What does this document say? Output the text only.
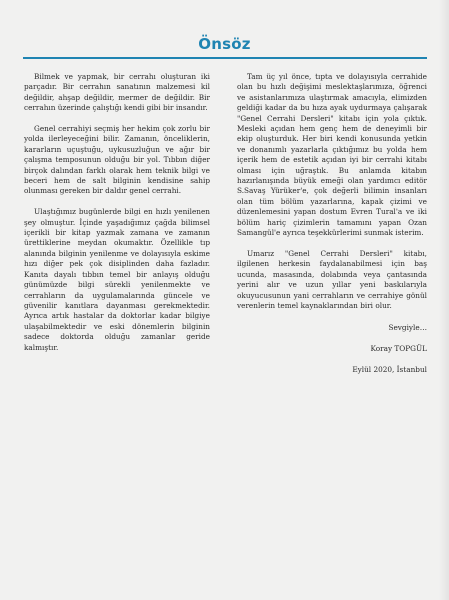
Önsöz

Bilmek ve yapmak, bir cerrahı oluşturan iki parçadır. Bir cerrahın sanatının malzemesi kil değildir, ahşap değildir, mermer de değildir. Bir cerrahın üzerinde çalıştığı kendi gibi bir insandır.

Genel cerrahiyi seçmiş her hekim çok zorlu bir yolda ilerleyeceğini bilir. Zamanın, önceliklerin, kararların uçuştuğu, uykusuzluğun ve ağır bir çalışma temposunun olduğu bir yol. Tıbbın diğer birçok dalından farklı olarak hem teknik bilgi ve beceri hem de salt bilginin kendisine sahip olunması gereken bir daldır genel cerrahi.

Ulaştığımız bugünlerde bilgi en hızlı yenilenen şey olmuştur. İçinde yaşadığımız çağda bilimsel içerikli bir kitap yazmak zamana ve zamanın ürettiklerine meydan okumaktır. Özellikle tıp alanında bilginin yenilenme ve dolayısıyla eskime hızı diğer pek çok disiplinden daha fazladır. Kanıta dayalı tıbbın temel bir anlayış olduğu günümüzde bilgi sürekli yenilenmekte ve cerrahların da uygulamalarında güncele ve güvenilir kanıtlara dayanması gerekmektedir. Ayrıca artık hastalar da doktorlar kadar bilgiye ulaşabilmektedir ve eski dönemlerin bilginin sadece doktorda olduğu zamanlar geride kalmıştır.

Tam üç yıl önce, tıpta ve dolayısıyla cerrahide olan bu hızlı değişimi meslektaşlarımıza, öğrenci ve asistanlarımıza ulaştırmak amacıyla, elimizden geldiği kadar da bu hıza ayak uydurmaya çalışarak "Genel Cerrahi Dersleri" kitabı için yola çıktık. Mesleki açıdan hem genç hem de deneyimli bir ekip oluşturduk. Her biri kendi konusunda yetkin ve donanımlı yazarlarla çıktığımız bu yolda hem içerik hem de estetik açıdan iyi bir cerrahi kitabı olması için uğraştık. Bu anlamda kitabın hazırlanışında büyük emeği olan yardımcı editör S.Savaş Yürüker'e, çok değerli bilimin insanları olan tüm bölüm yazarlarına, kapak çizimi ve düzenlemesini yapan dostum Evren Tural'a ve iki bölüm hariç çizimlerin tamamını yapan Ozan Samangül'e ayrıca teşekkürlerimi sunmak isterim.

Umarız "Genel Cerrahi Dersleri" kitabı, ilgilenen herkesin faydalanabilmesi için baş ucunda, masasında, dolabında veya çantasında yerini alır ve uzun yıllar yeni baskılarıyla okuyucusunun yani cerrahların ve cerrahiye gönül verenlerin temel kaynaklarından biri olur.

Sevgiyle…

Koray TOPGÜL

Eylül 2020, İstanbul
